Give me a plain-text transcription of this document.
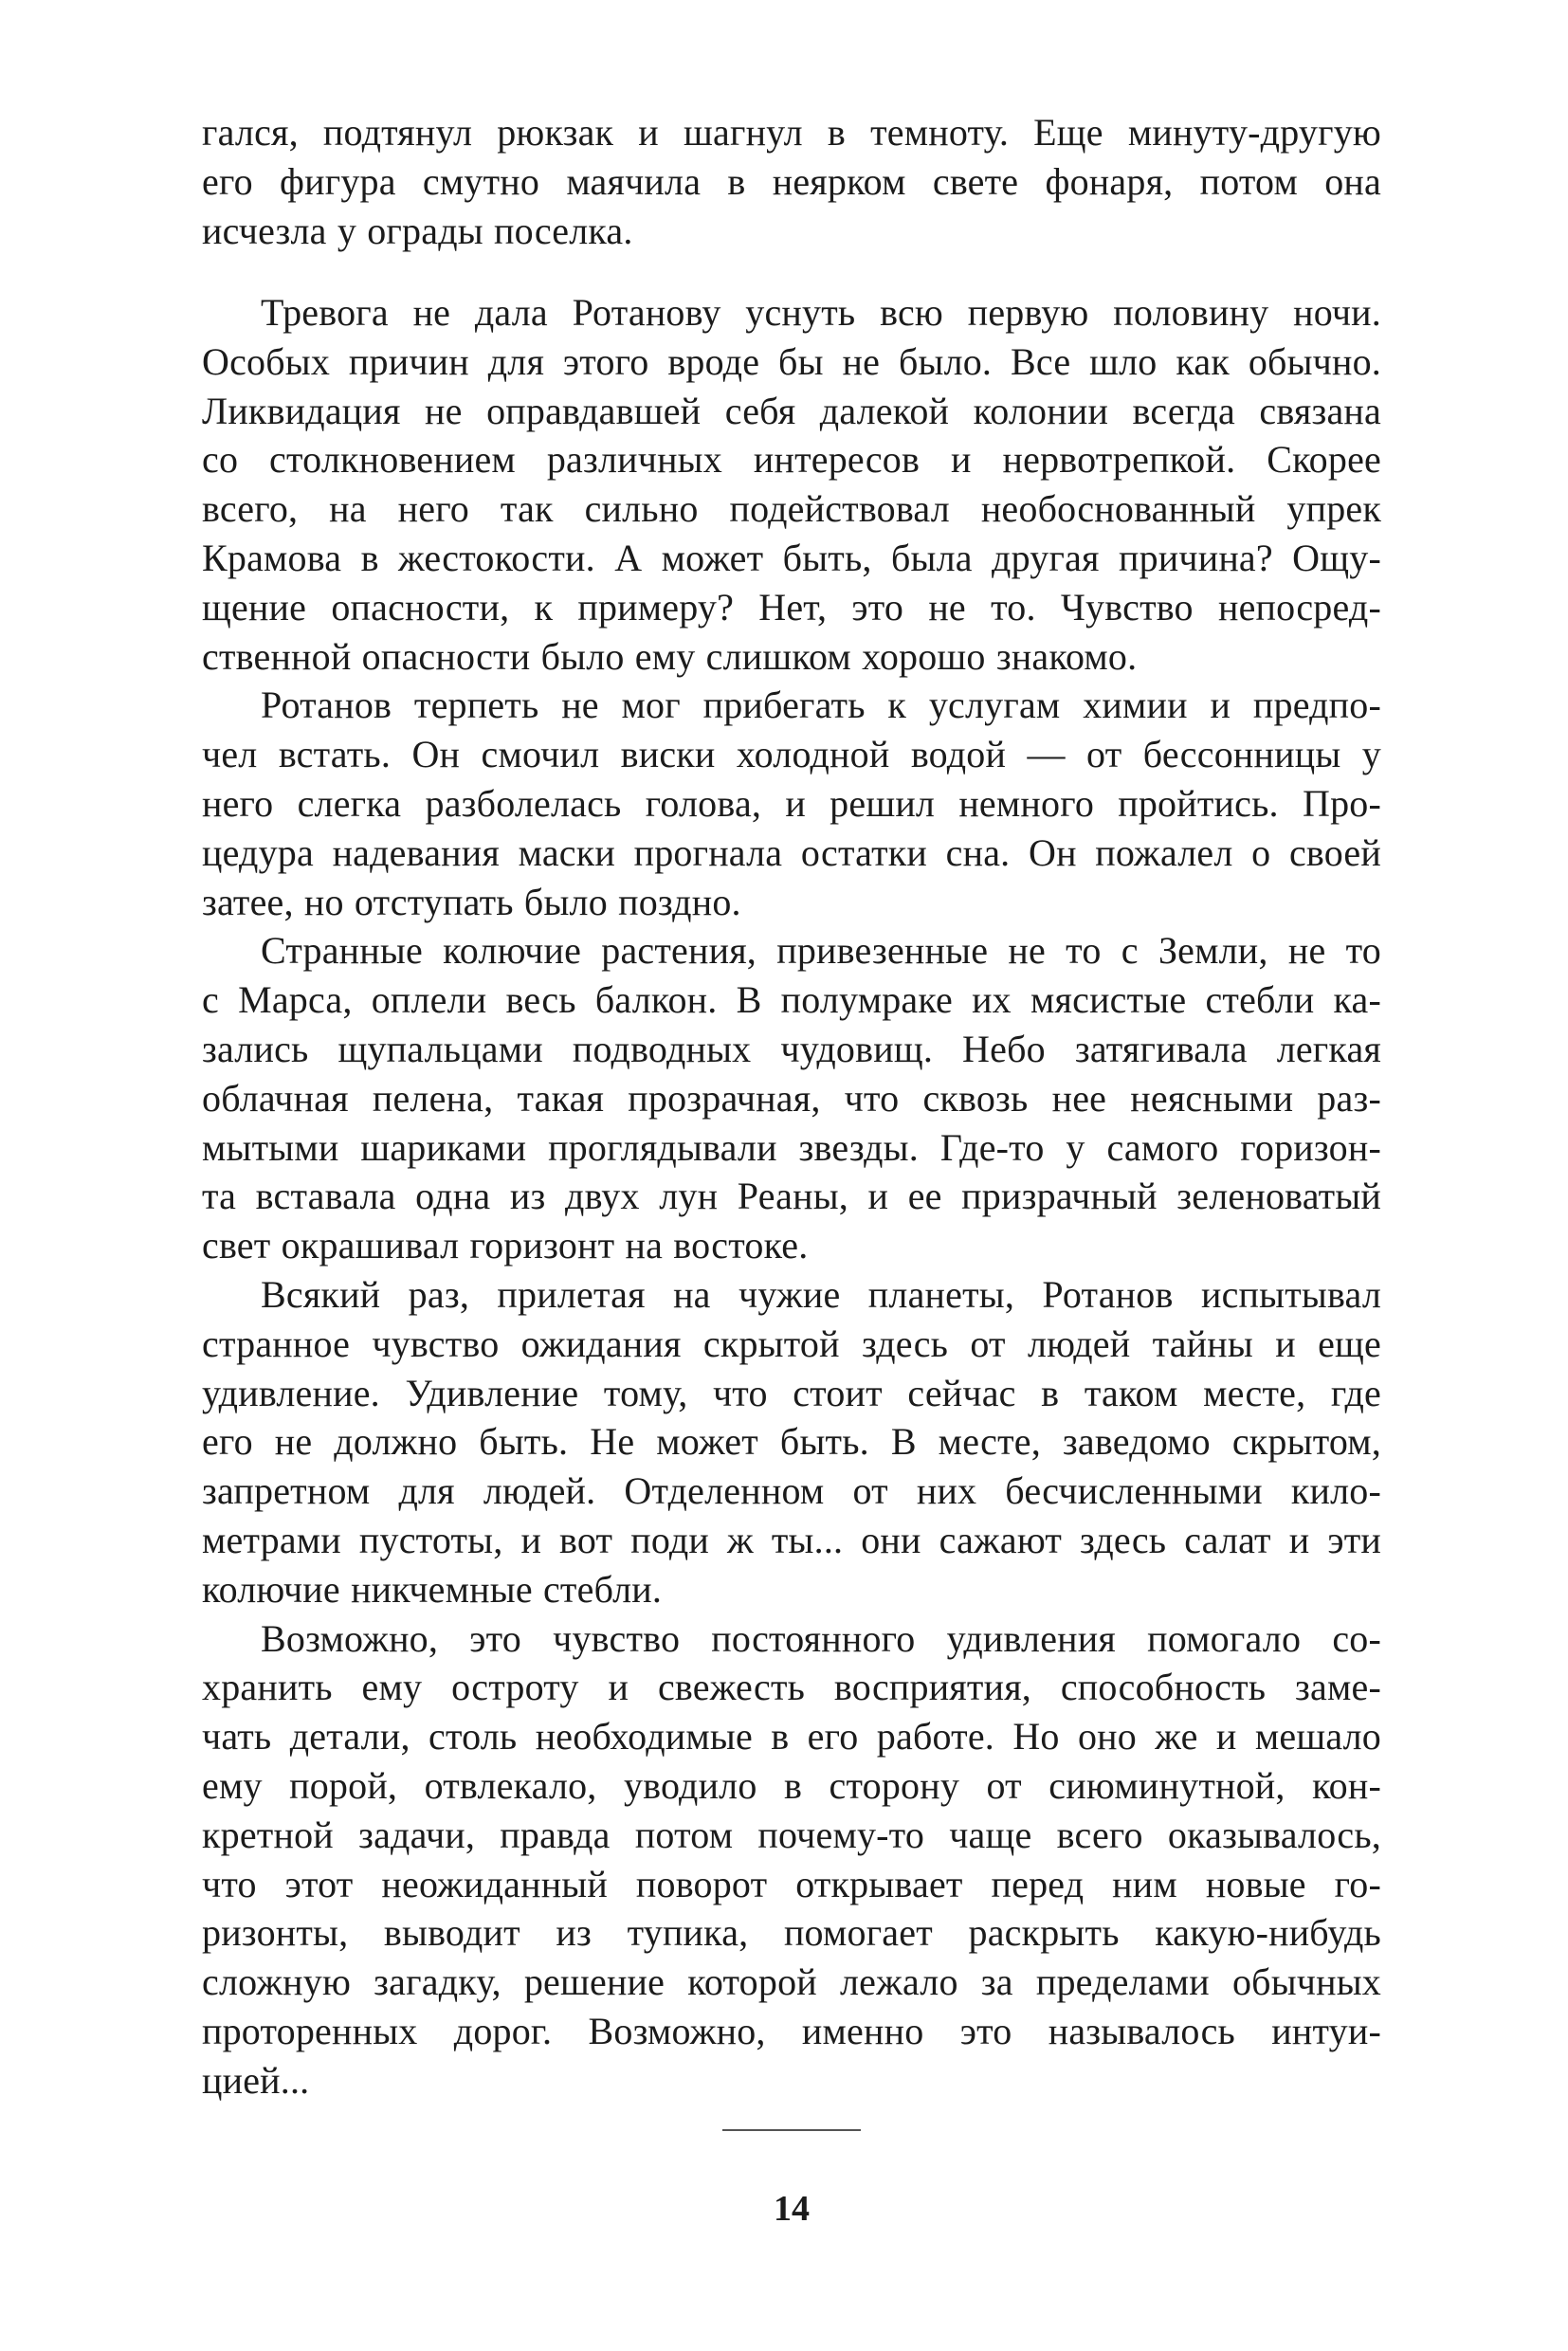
гался, подтянул рюкзак и шагнул в темноту. Еще минуту-другую
его фигура смутно маячила в неярком свете фонаря, потом она
исчезла у ограды поселка.
Тревога не дала Ротанову уснуть всю первую половину ночи.
Особых причин для этого вроде бы не было. Все шло как обычно.
Ликвидация не оправдавшей себя далекой колонии всегда связана
со столкновением различных интересов и нервотрепкой. Скорее
всего, на него так сильно подействовал необоснованный упрек
Крамова в жестокости. А может быть, была другая причина? Ощу-
щение опасности, к примеру? Нет, это не то. Чувство непосред-
ственной опасности было ему слишком хорошо знакомо.
Ротанов терпеть не мог прибегать к услугам химии и предпо-
чел встать. Он смочил виски холодной водой — от бессонницы у
него слегка разболелась голова, и решил немного пройтись. Про-
цедура надевания маски прогнала остатки сна. Он пожалел о своей
затее, но отступать было поздно.
Странные колючие растения, привезенные не то с Земли, не то
с Марса, оплели весь балкон. В полумраке их мясистые стебли ка-
зались щупальцами подводных чудовищ. Небо затягивала легкая
облачная пелена, такая прозрачная, что сквозь нее неясными раз-
мытыми шариками проглядывали звезды. Где-то у самого горизон-
та вставала одна из двух лун Реаны, и ее призрачный зеленоватый
свет окрашивал горизонт на востоке.
Всякий раз, прилетая на чужие планеты, Ротанов испытывал
странное чувство ожидания скрытой здесь от людей тайны и еще
удивление. Удивление тому, что стоит сейчас в таком месте, где
его не должно быть. Не может быть. В месте, заведомо скрытом,
запретном для людей. Отделенном от них бесчисленными кило-
метрами пустоты, и вот поди ж ты... они сажают здесь салат и эти
колючие никчемные стебли.
Возможно, это чувство постоянного удивления помогало со-
хранить ему остроту и свежесть восприятия, способность заме-
чать детали, столь необходимые в его работе. Но оно же и мешало
ему порой, отвлекало, уводило в сторону от сиюминутной, кон-
кретной задачи, правда потом почему-то чаще всего оказывалось,
что этот неожиданный поворот открывает перед ним новые го-
ризонты, выводит из тупика, помогает раскрыть какую-нибудь
сложную загадку, решение которой лежало за пределами обычных
проторенных дорог. Возможно, именно это называлось интуи-
цией...
14
